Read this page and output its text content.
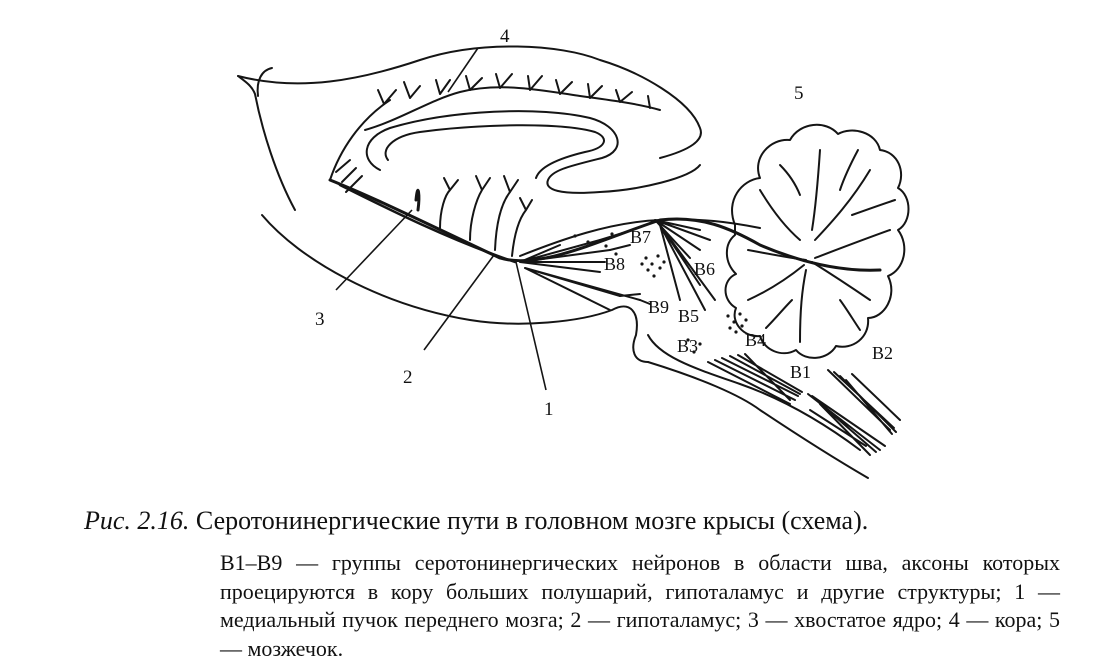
4
5
3
2
1
B7
B8	B6
B9 B5
B3	B4
B2
B1
Рис. 2.16. Серотонинергические пути в головном мозге крысы (схема).
B1–B9 — группы серотонинергических нейронов в области шва, аксоны которых проецируются в кору больших полушарий, гипоталамус и другие структуры; 1 — медиальный пучок переднего мозга; 2 — гипоталамус; 3 — хвостатое ядро; 4 — кора; 5 — мозжечок.
